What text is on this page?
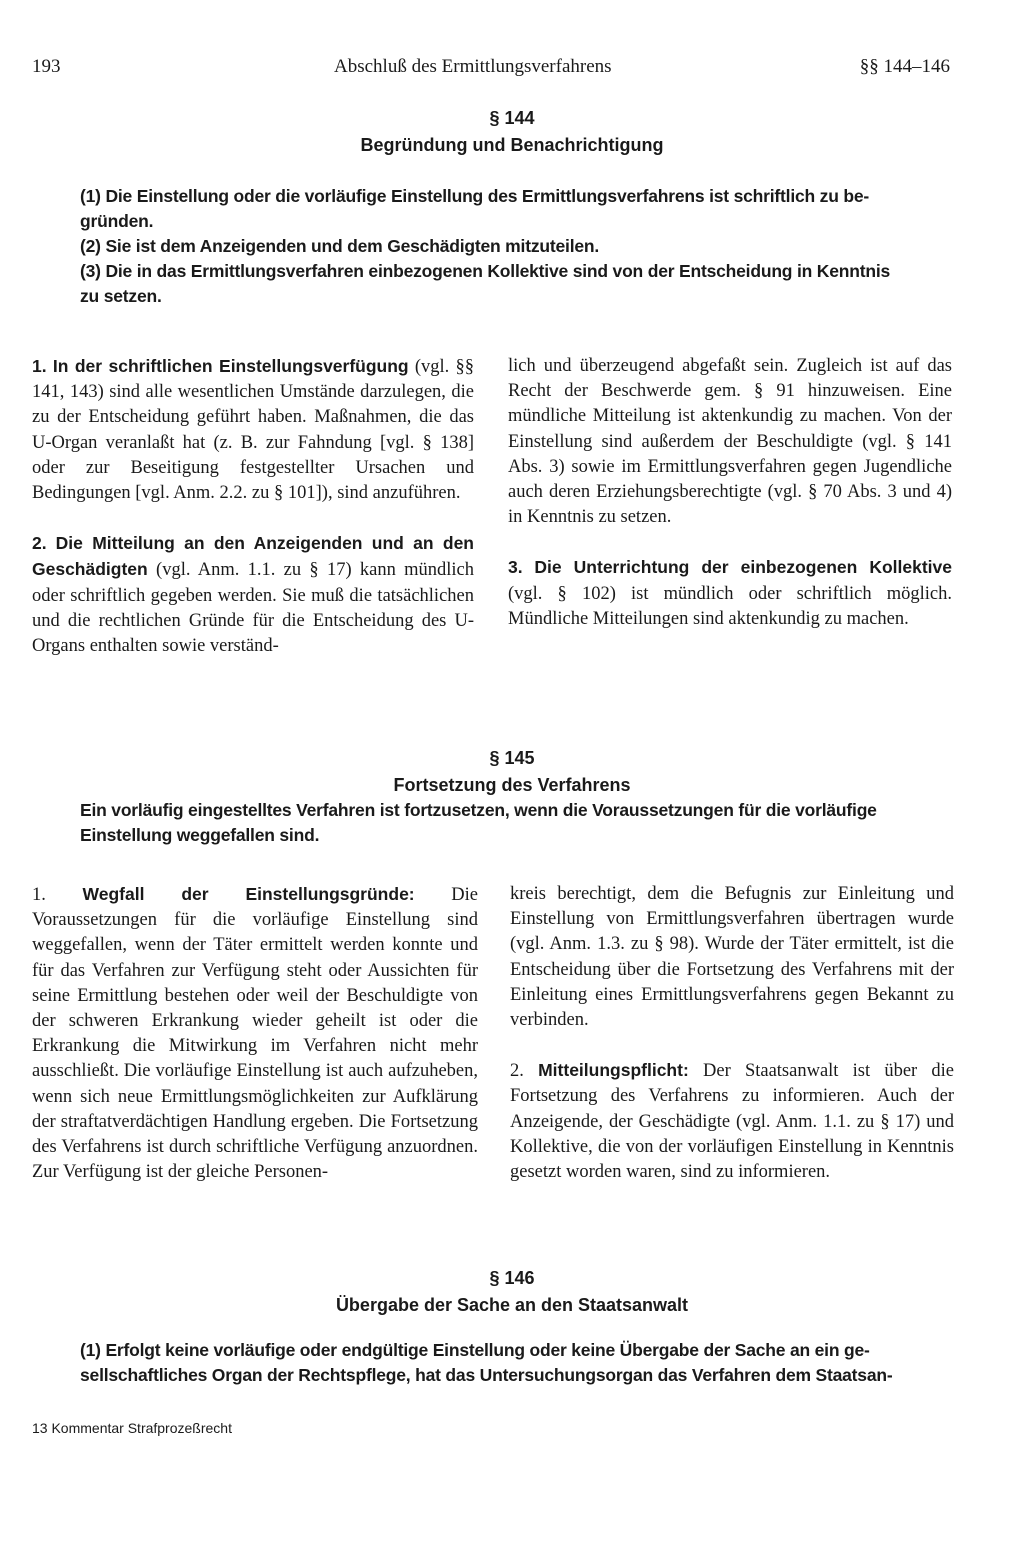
193	Abschluß des Ermittlungsverfahrens	§§ 144–146
§ 144
Begründung und Benachrichtigung

(1) Die Einstellung oder die vorläufige Einstellung des Ermittlungsverfahrens ist schriftlich zu be-

gründen.

(2) Sie ist dem Anzeigenden und dem Geschädigten mitzuteilen.

(3) Die in das Ermittlungsverfahren einbezogenen Kollektive sind von der Entscheidung in Kenntnis

zu setzen.

1. In der schriftlichen Einstellungsverfügung (vgl. §§ 141, 143) sind alle wesentlichen Umstände darzulegen, die zu der Entscheidung geführt haben. Maßnahmen, die das U-Organ veranlaßt hat (z. B. zur Fahndung [vgl. § 138] oder zur Beseitigung festgestellter Ursachen und Bedingungen [vgl. Anm. 2.2. zu § 101]), sind anzuführen.

2. Die Mitteilung an den Anzeigenden und an den Geschädigten (vgl. Anm. 1.1. zu § 17) kann mündlich oder schriftlich gegeben werden. Sie muß die tatsächlichen und die rechtlichen Gründe für die Entscheidung des U-Organs enthalten sowie verständ-

lich und überzeugend abgefaßt sein. Zugleich ist auf das Recht der Beschwerde gem. § 91 hinzuweisen. Eine mündliche Mitteilung ist aktenkundig zu machen. Von der Einstellung sind außerdem der Beschuldigte (vgl. § 141 Abs. 3) sowie im Ermittlungsverfahren gegen Jugendliche auch deren Erziehungsberechtigte (vgl. § 70 Abs. 3 und 4) in Kenntnis zu setzen.

3. Die Unterrichtung der einbezogenen Kollektive (vgl. § 102) ist mündlich oder schriftlich möglich. Mündliche Mitteilungen sind aktenkundig zu machen.

§ 145
Fortsetzung des Verfahrens

Ein vorläufig eingestelltes Verfahren ist fortzusetzen, wenn die Voraussetzungen für die vorläufige

Einstellung weggefallen sind.

1. Wegfall der Einstellungsgründe: Die Voraussetzungen für die vorläufige Einstellung sind weggefallen, wenn der Täter ermittelt werden konnte und für das Verfahren zur Verfügung steht oder Aussichten für seine Ermittlung bestehen oder weil der Beschuldigte von der schweren Erkrankung wieder geheilt ist oder die Erkrankung die Mitwirkung im Verfahren nicht mehr ausschließt. Die vorläufige Einstellung ist auch aufzuheben, wenn sich neue Ermittlungsmöglichkeiten zur Aufklärung der straftatverdächtigen Handlung ergeben. Die Fortsetzung des Verfahrens ist durch schriftliche Verfügung anzuordnen. Zur Verfügung ist der gleiche Personen-

kreis berechtigt, dem die Befugnis zur Einleitung und Einstellung von Ermittlungsverfahren übertragen wurde (vgl. Anm. 1.3. zu § 98). Wurde der Täter ermittelt, ist die Entscheidung über die Fortsetzung des Verfahrens mit der Einleitung eines Ermittlungsverfahrens gegen Bekannt zu verbinden.

2. Mitteilungspflicht: Der Staatsanwalt ist über die Fortsetzung des Verfahrens zu informieren. Auch der Anzeigende, der Geschädigte (vgl. Anm. 1.1. zu § 17) und Kollektive, die von der vorläufigen Einstellung in Kenntnis gesetzt worden waren, sind zu informieren.

§ 146
Übergabe der Sache an den Staatsanwalt

(1) Erfolgt keine vorläufige oder endgültige Einstellung oder keine Übergabe der Sache an ein ge-

sellschaftliches Organ der Rechtspflege, hat das Untersuchungsorgan das Verfahren dem Staatsan-

13 Kommentar Strafprozeßrecht
